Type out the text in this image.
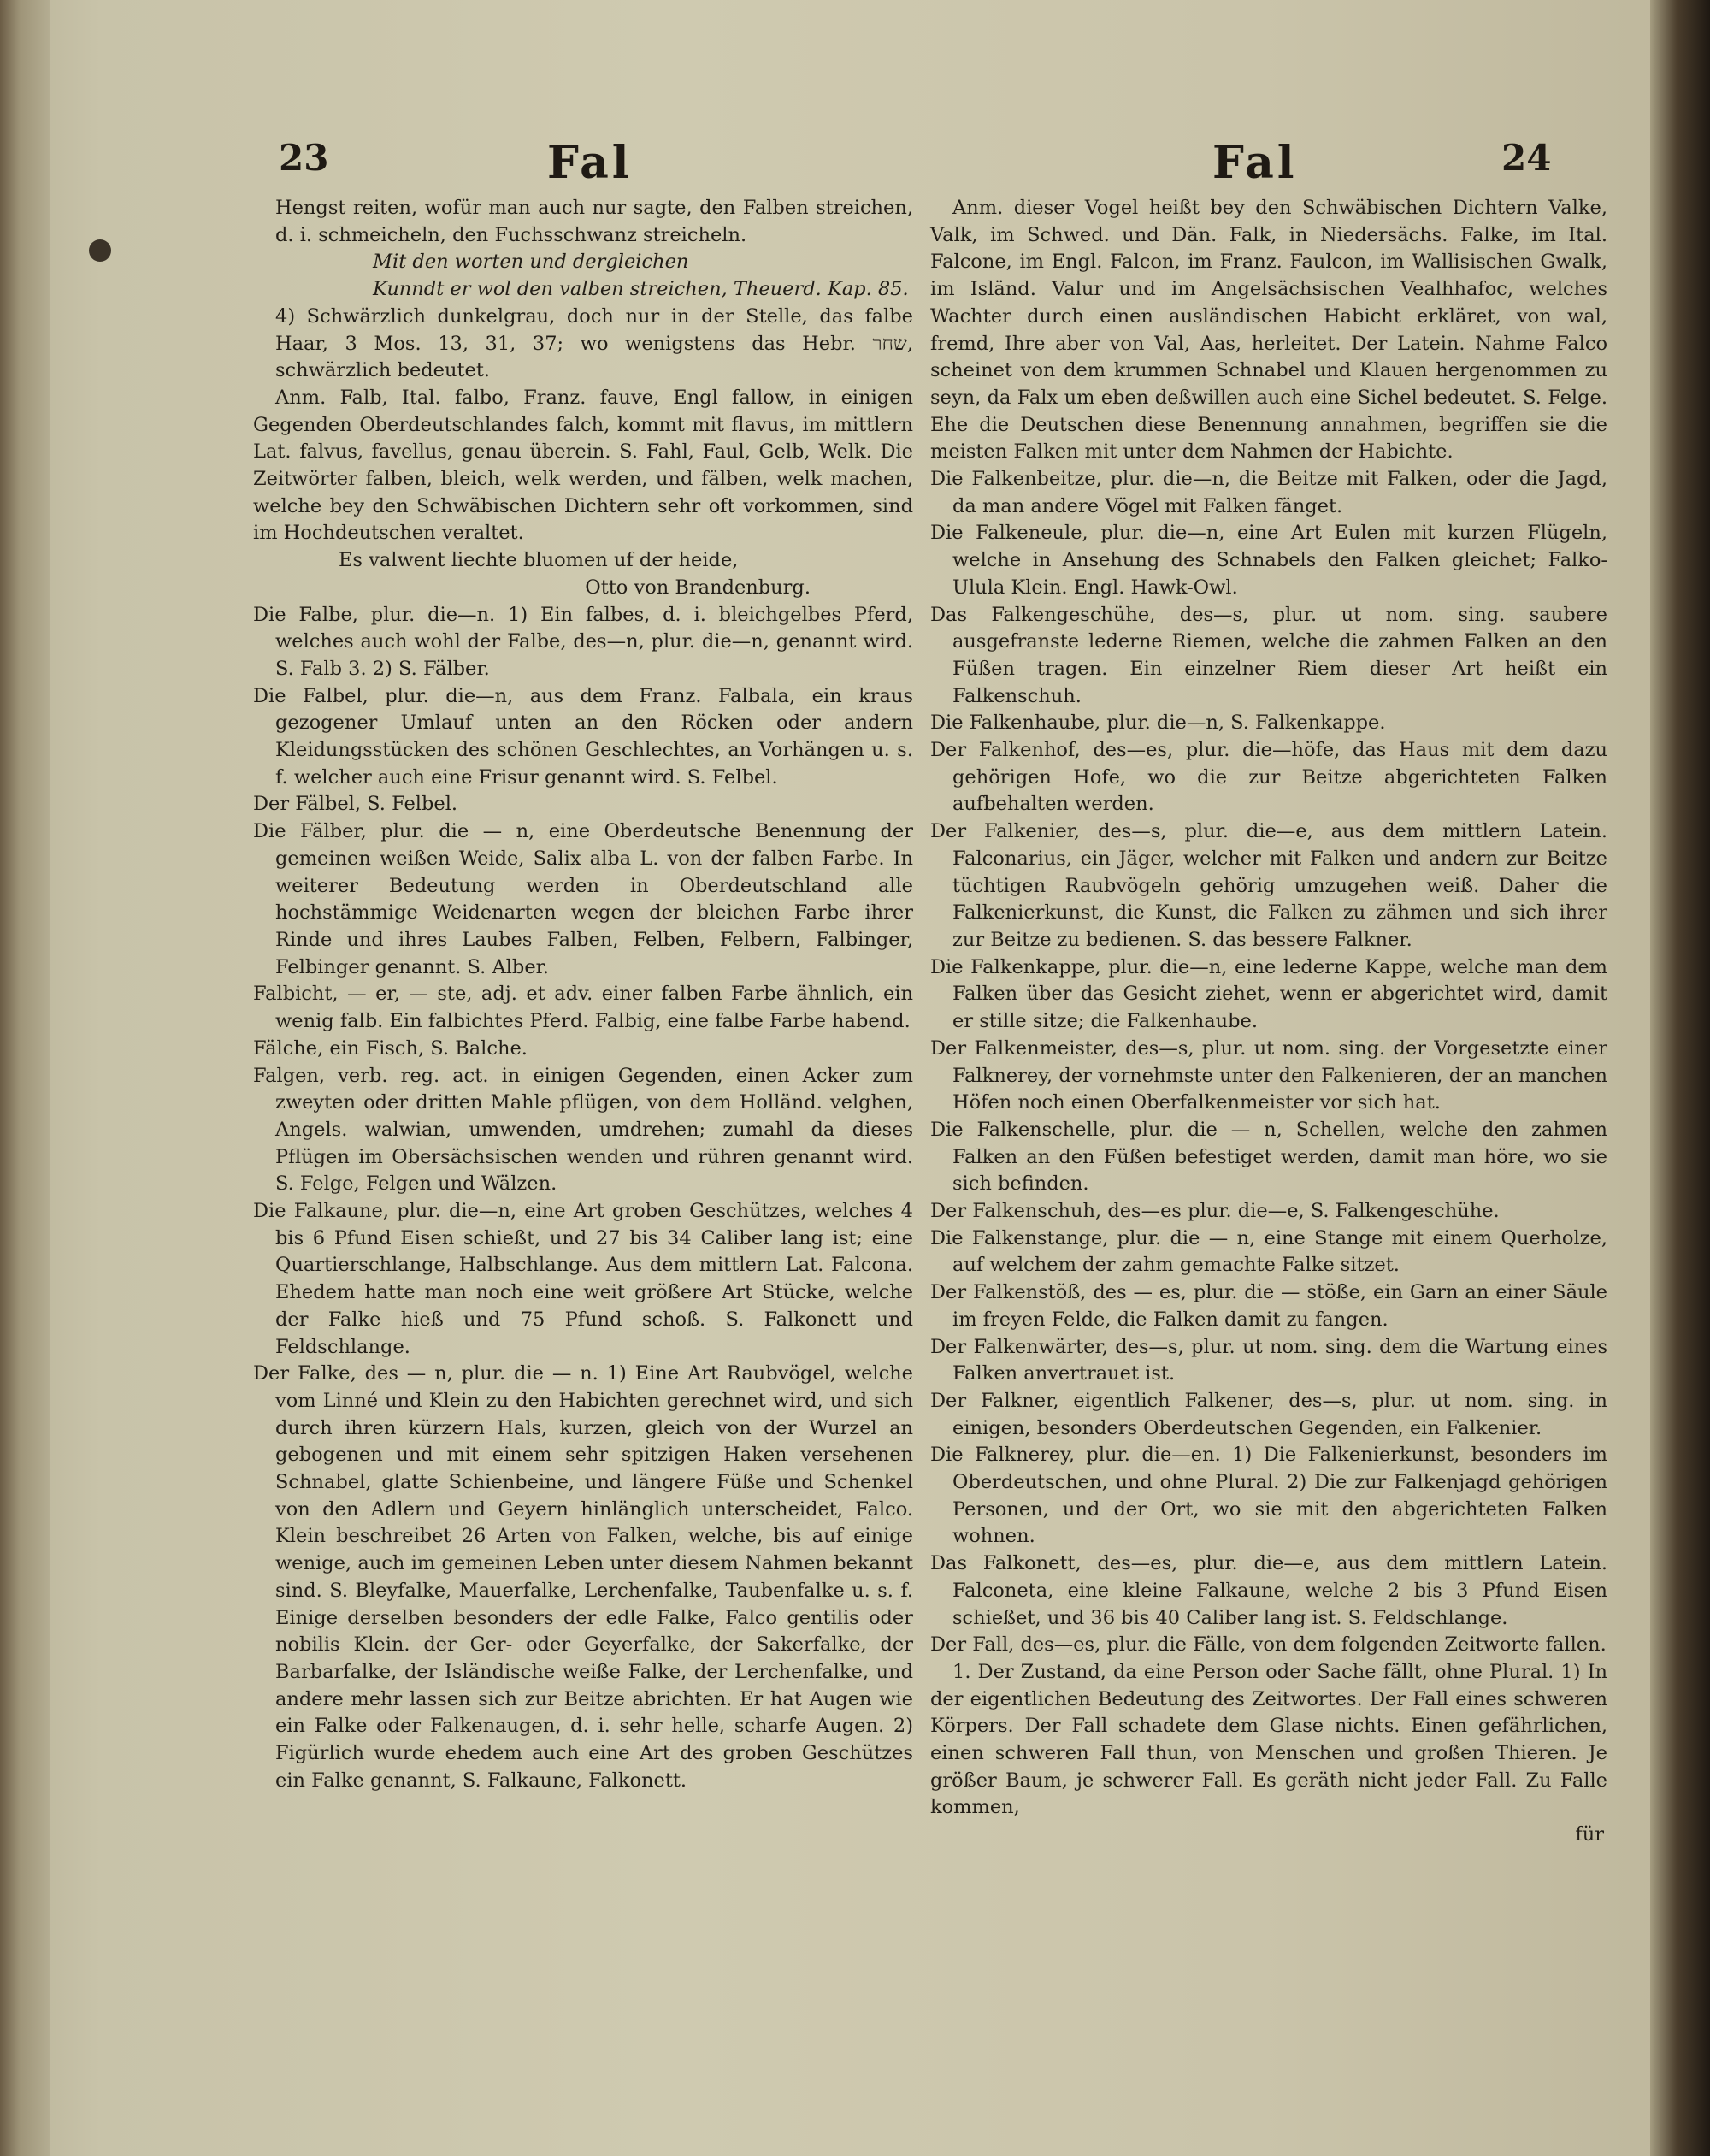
23	Fal	Fal	24

Hengst reiten, wofür man auch nur sagte, den Falben streichen, d. i. schmeicheln, den Fuchsschwanz streicheln.

Mit den worten und dergleichen

Kunndt er wol den valben streichen, Theuerd. Kap. 85.

4) Schwärzlich dunkelgrau, doch nur in der Stelle, das falbe Haar, 3 Mos. 13, 31, 37; wo wenigstens das Hebr. שחר, schwärzlich bedeutet.

Anm. Falb, Ital. falbo, Franz. fauve, Engl fallow, in einigen Gegenden Oberdeutschlandes falch, kommt mit flavus, im mittlern Lat. falvus, favellus, genau überein. S. Fahl, Faul, Gelb, Welk. Die Zeitwörter falben, bleich, welk werden, und fälben, welk machen, welche bey den Schwäbischen Dichtern sehr oft vorkommen, sind im Hochdeutschen veraltet.

Es valwent liechte bluomen uf der heide,

Otto von Brandenburg.

Die Falbe, plur. die—n. 1) Ein falbes, d. i. bleichgelbes Pferd, welches auch wohl der Falbe, des—n, plur. die—n, genannt wird. S. Falb 3. 2) S. Fälber.

Die Falbel, plur. die—n, aus dem Franz. Falbala, ein kraus gezogener Umlauf unten an den Röcken oder andern Kleidungsstücken des schönen Geschlechtes, an Vorhängen u. s. f. welcher auch eine Frisur genannt wird. S. Felbel.

Der Fälbel, S. Felbel.

Die Fälber, plur. die — n, eine Oberdeutsche Benennung der gemeinen weißen Weide, Salix alba L. von der falben Farbe. In weiterer Bedeutung werden in Oberdeutschland alle hochstämmige Weidenarten wegen der bleichen Farbe ihrer Rinde und ihres Laubes Falben, Felben, Felbern, Falbinger, Felbinger genannt. S. Alber.

Falbicht, — er, — ste, adj. et adv. einer falben Farbe ähnlich, ein wenig falb. Ein falbichtes Pferd. Falbig, eine falbe Farbe habend.

Fälche, ein Fisch, S. Balche.

Falgen, verb. reg. act. in einigen Gegenden, einen Acker zum zweyten oder dritten Mahle pflügen, von dem Holländ. velghen, Angels. walwian, umwenden, umdrehen; zumahl da dieses Pflügen im Obersächsischen wenden und rühren genannt wird. S. Felge, Felgen und Wälzen.

Die Falkaune, plur. die—n, eine Art groben Geschützes, welches 4 bis 6 Pfund Eisen schießt, und 27 bis 34 Caliber lang ist; eine Quartierschlange, Halbschlange. Aus dem mittlern Lat. Falcona. Ehedem hatte man noch eine weit größere Art Stücke, welche der Falke hieß und 75 Pfund schoß. S. Falkonett und Feldschlange.

Der Falke, des — n, plur. die — n. 1) Eine Art Raubvögel, welche vom Linné und Klein zu den Habichten gerechnet wird, und sich durch ihren kürzern Hals, kurzen, gleich von der Wurzel an gebogenen und mit einem sehr spitzigen Haken versehenen Schnabel, glatte Schienbeine, und längere Füße und Schenkel von den Adlern und Geyern hinlänglich unterscheidet, Falco. Klein beschreibet 26 Arten von Falken, welche, bis auf einige wenige, auch im gemeinen Leben unter diesem Nahmen bekannt sind. S. Bleyfalke, Mauerfalke, Lerchenfalke, Taubenfalke u. s. f. Einige derselben besonders der edle Falke, Falco gentilis oder nobilis Klein. der Ger- oder Geyerfalke, der Sakerfalke, der Barbarfalke, der Isländische weiße Falke, der Lerchenfalke, und andere mehr lassen sich zur Beitze abrichten. Er hat Augen wie ein Falke oder Falkenaugen, d. i. sehr helle, scharfe Augen. 2) Figürlich wurde ehedem auch eine Art des groben Geschützes ein Falke genannt, S. Falkaune, Falkonett.

Anm. dieser Vogel heißt bey den Schwäbischen Dichtern Valke, Valk, im Schwed. und Dän. Falk, in Niedersächs. Falke, im Ital. Falcone, im Engl. Falcon, im Franz. Faulcon, im Wallisischen Gwalk, im Isländ. Valur und im Angelsächsischen Vealhhafoc, welches Wachter durch einen ausländischen Habicht erkläret, von wal, fremd, Ihre aber von Val, Aas, herleitet. Der Latein. Nahme Falco scheinet von dem krummen Schnabel und Klauen hergenommen zu seyn, da Falx um eben deßwillen auch eine Sichel bedeutet. S. Felge. Ehe die Deutschen diese Benennung annahmen, begriffen sie die meisten Falken mit unter dem Nahmen der Habichte.

Die Falkenbeitze, plur. die—n, die Beitze mit Falken, oder die Jagd, da man andere Vögel mit Falken fänget.

Die Falkeneule, plur. die—n, eine Art Eulen mit kurzen Flügeln, welche in Ansehung des Schnabels den Falken gleichet; Falko-Ulula Klein. Engl. Hawk-Owl.

Das Falkengeschühe, des—s, plur. ut nom. sing. saubere ausgefranste lederne Riemen, welche die zahmen Falken an den Füßen tragen. Ein einzelner Riem dieser Art heißt ein Falkenschuh.

Die Falkenhaube, plur. die—n, S. Falkenkappe.

Der Falkenhof, des—es, plur. die—höfe, das Haus mit dem dazu gehörigen Hofe, wo die zur Beitze abgerichteten Falken aufbehalten werden.

Der Falkenier, des—s, plur. die—e, aus dem mittlern Latein. Falconarius, ein Jäger, welcher mit Falken und andern zur Beitze tüchtigen Raubvögeln gehörig umzugehen weiß. Daher die Falkenierkunst, die Kunst, die Falken zu zähmen und sich ihrer zur Beitze zu bedienen. S. das bessere Falkner.

Die Falkenkappe, plur. die—n, eine lederne Kappe, welche man dem Falken über das Gesicht ziehet, wenn er abgerichtet wird, damit er stille sitze; die Falkenhaube.

Der Falkenmeister, des—s, plur. ut nom. sing. der Vorgesetzte einer Falknerey, der vornehmste unter den Falkenieren, der an manchen Höfen noch einen Oberfalkenmeister vor sich hat.

Die Falkenschelle, plur. die — n, Schellen, welche den zahmen Falken an den Füßen befestiget werden, damit man höre, wo sie sich befinden.

Der Falkenschuh, des—es plur. die—e, S. Falkengeschühe.

Die Falkenstange, plur. die — n, eine Stange mit einem Querholze, auf welchem der zahm gemachte Falke sitzet.

Der Falkenstöß, des — es, plur. die — stöße, ein Garn an einer Säule im freyen Felde, die Falken damit zu fangen.

Der Falkenwärter, des—s, plur. ut nom. sing. dem die Wartung eines Falken anvertrauet ist.

Der Falkner, eigentlich Falkener, des—s, plur. ut nom. sing. in einigen, besonders Oberdeutschen Gegenden, ein Falkenier.

Die Falknerey, plur. die—en. 1) Die Falkenierkunst, besonders im Oberdeutschen, und ohne Plural. 2) Die zur Falkenjagd gehörigen Personen, und der Ort, wo sie mit den abgerichteten Falken wohnen.

Das Falkonett, des—es, plur. die—e, aus dem mittlern Latein. Falconeta, eine kleine Falkaune, welche 2 bis 3 Pfund Eisen schießet, und 36 bis 40 Caliber lang ist. S. Feldschlange.

Der Fall, des—es, plur. die Fälle, von dem folgenden Zeitworte fallen.

1. Der Zustand, da eine Person oder Sache fällt, ohne Plural. 1) In der eigentlichen Bedeutung des Zeitwortes. Der Fall eines schweren Körpers. Der Fall schadete dem Glase nichts. Einen gefährlichen, einen schweren Fall thun, von Menschen und großen Thieren. Je größer Baum, je schwerer Fall. Es geräth nicht jeder Fall. Zu Falle kommen,

für
